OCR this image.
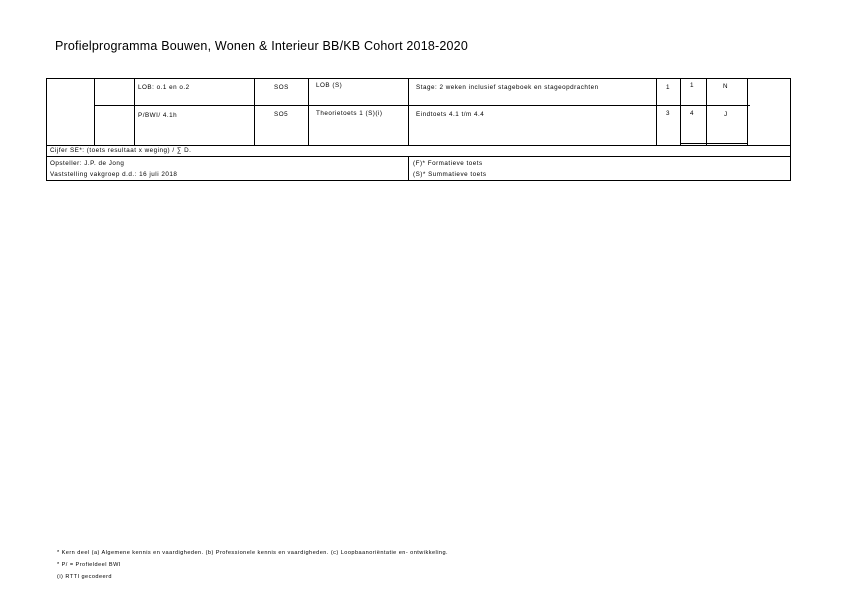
Profielprogramma Bouwen, Wonen & Interieur BB/KB Cohort 2018-2020
LOB: o.1 en o.2	SOS	LOB (S)	Stage: 2 weken inclusief stageboek en stageopdrachten	1	1	N
P/BWI/ 4.1h	SO5	Theorietoets 1 (S)(i)	Eindtoets 4.1 t/m 4.4	3	4	J
Cijfer SE*: (toets resultaat x weging) / ∑ D.
Opsteller: J.P. de Jong
Vaststelling vakgroep d.d.: 16 juli 2018
(F)* Formatieve toets
(S)* Summatieve toets
* Kern deel (a) Algemene kennis en vaardigheden. (b) Professionele kennis en vaardigheden. (c) Loopbaanoriëntatie en- ontwikkeling.
* P/ = Profieldeel BWI
(i) RTTI gecodeerd
